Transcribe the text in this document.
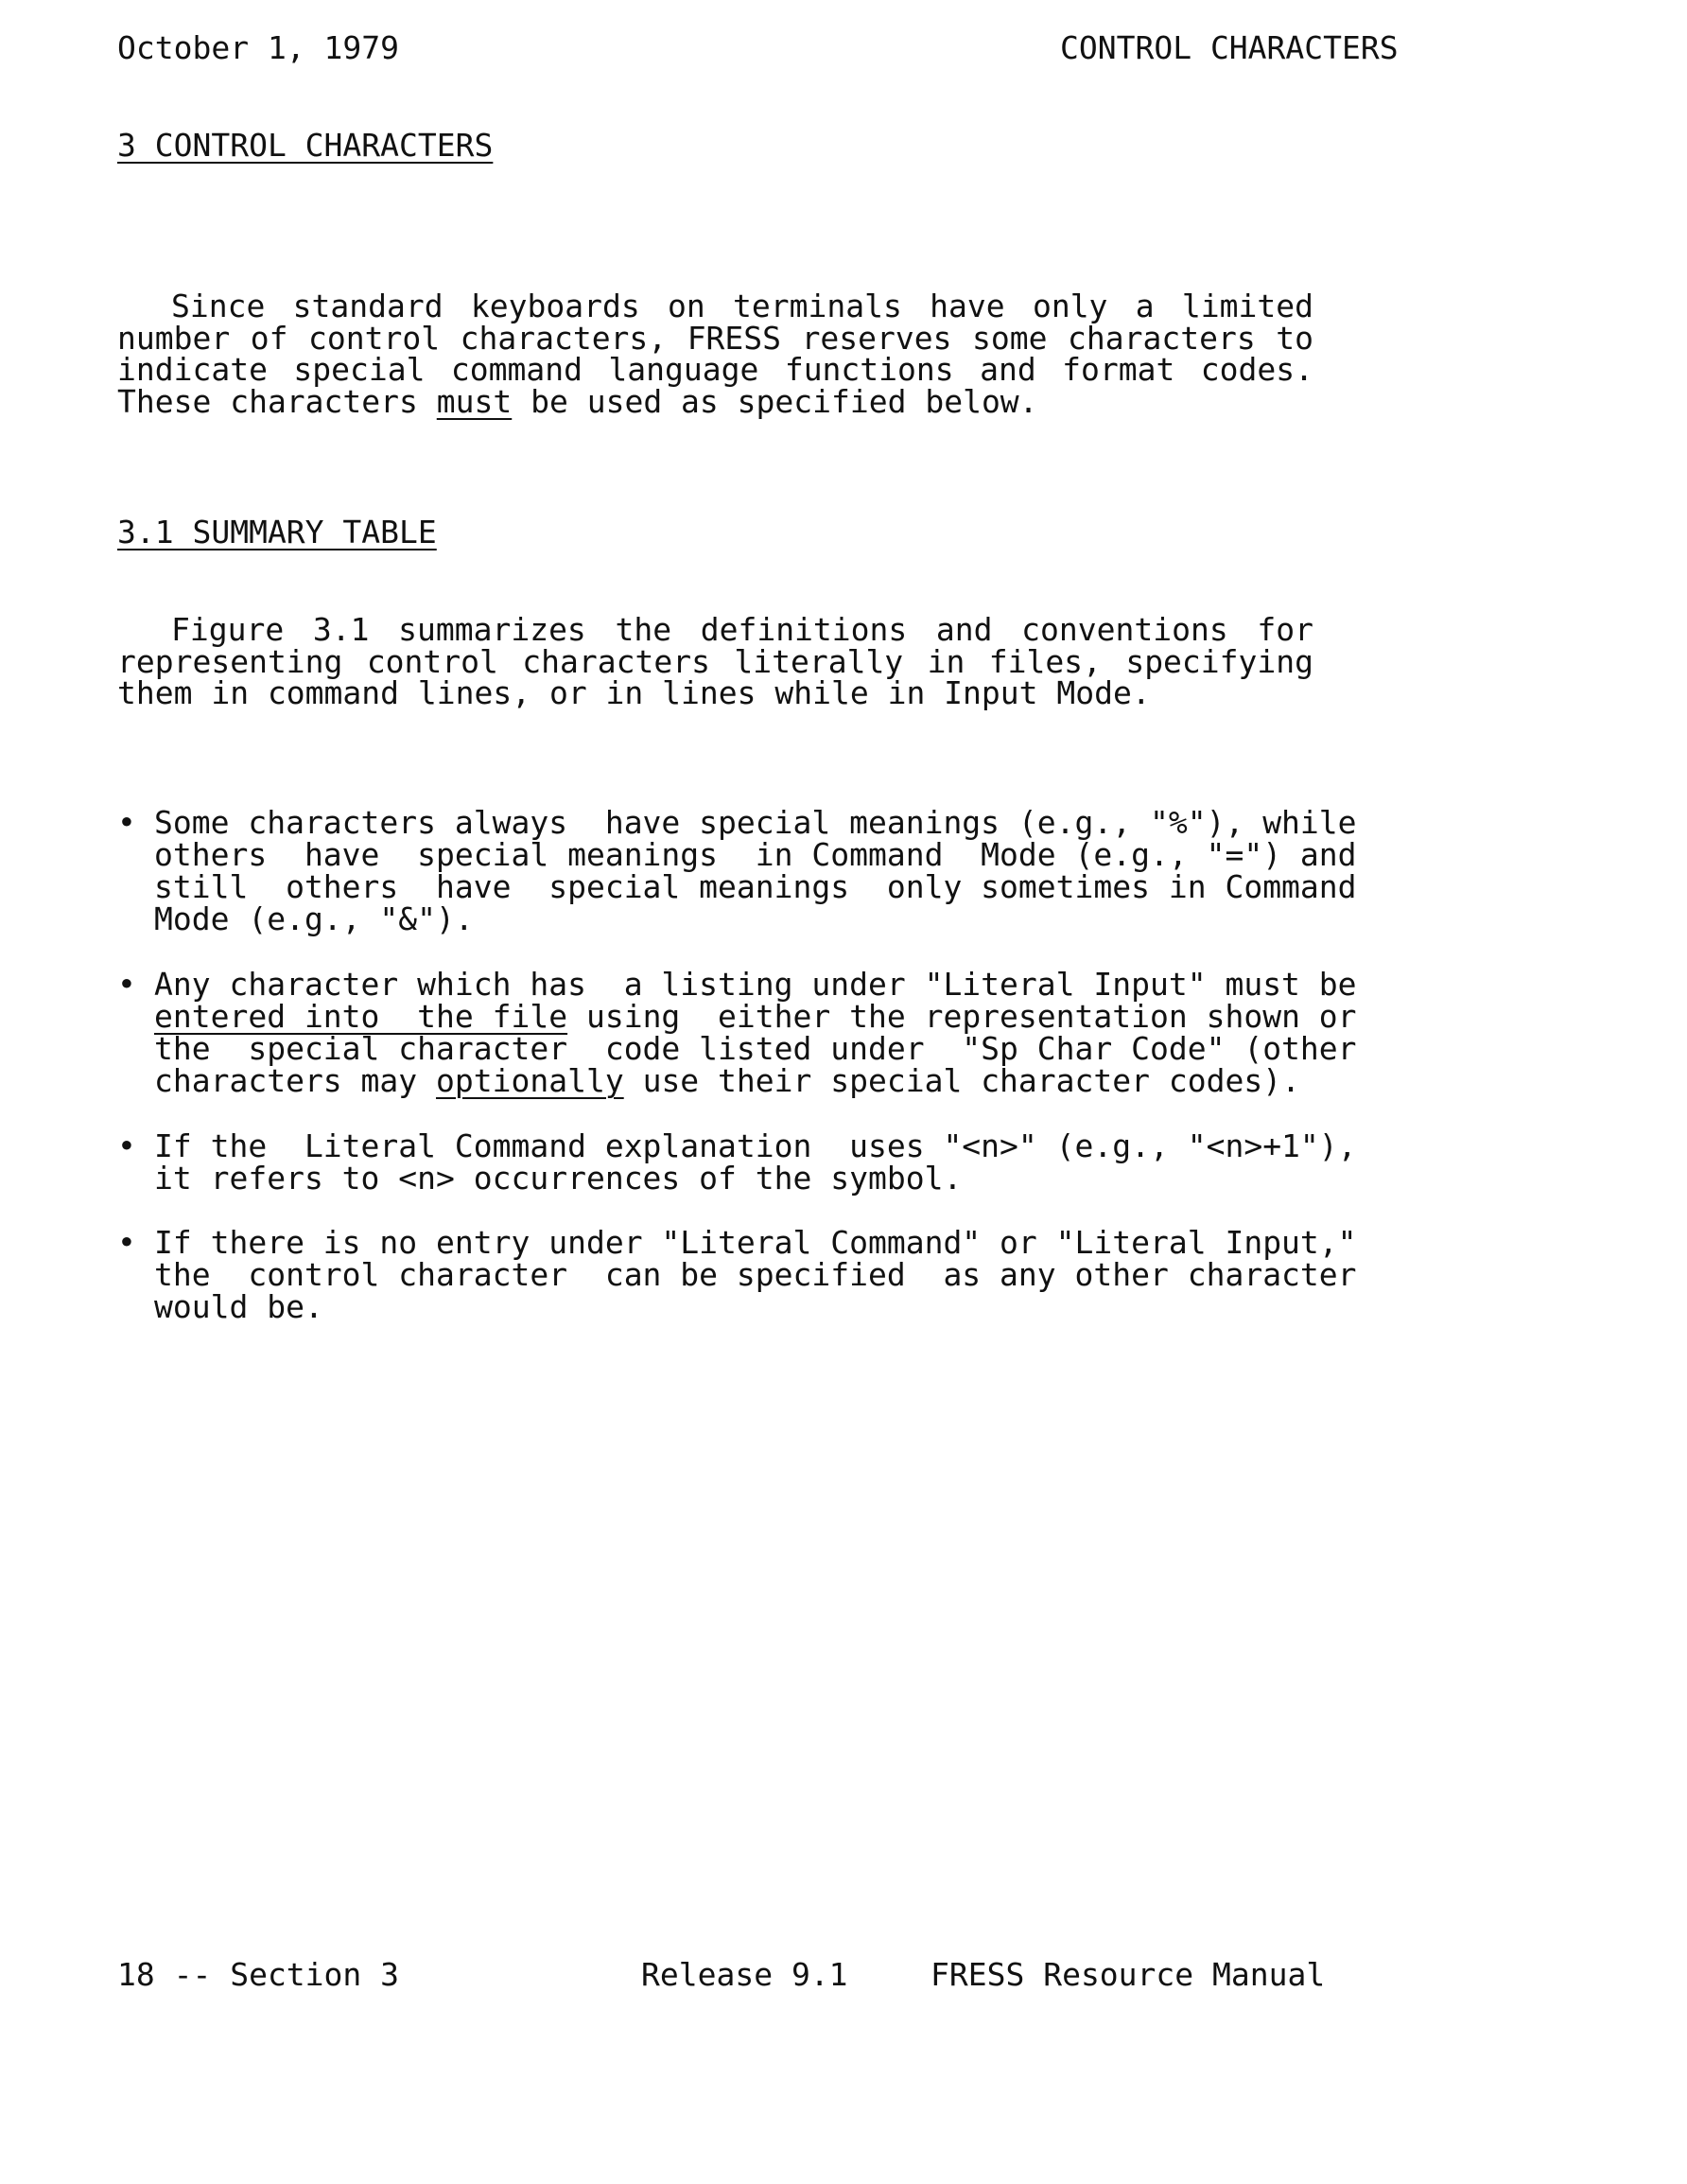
October 1, 1979	CONTROL CHARACTERS
3 CONTROL CHARACTERS
Since standard keyboards on terminals have only a limited
number of control characters, FRESS reserves some characters to
indicate special command language functions and format codes.
These characters must be used as specified below.
3.1 SUMMARY TABLE
Figure 3.1 summarizes the definitions and conventions for
representing control characters literally in files, specifying
them in command lines, or in lines while in Input Mode.
• Some characters always  have special meanings (e.g., "%"), while
others  have  special meanings  in Command  Mode (e.g., "=") and
still  others  have  special meanings  only sometimes in Command
Mode (e.g., "&").
• Any character which has  a listing under "Literal Input" must be
entered into  the file using  either the representation shown or
the  special character  code listed under  "Sp Char Code" (other
characters may optionally use their special character codes).
• If the  Literal Command explanation  uses "<n>" (e.g., "<n>+1"),
it refers to <n> occurrences of the symbol.
• If there is no entry under "Literal Command" or "Literal Input,"
the  control character  can be specified  as any other character
would be.
18 -- Section 3	Release 9.1	FRESS Resource Manual
